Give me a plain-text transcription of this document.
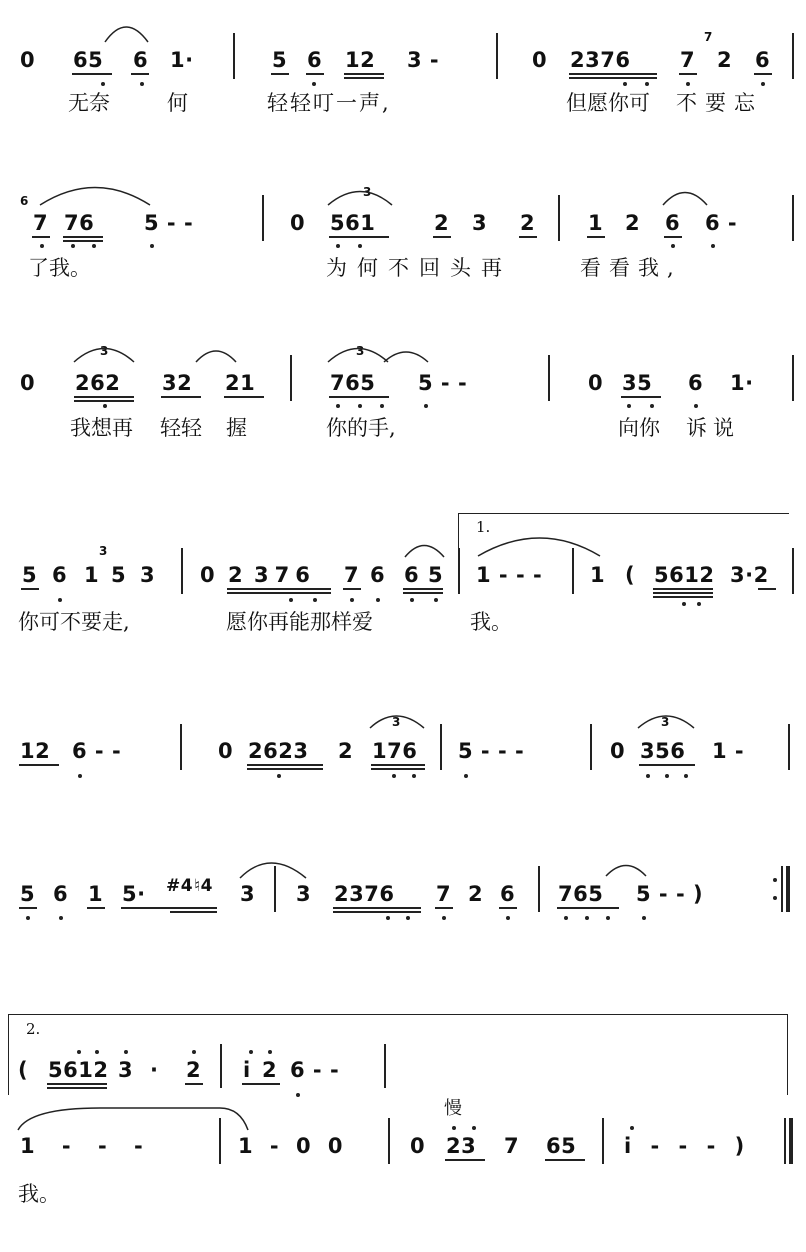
0 65 6 1·	5 6 12 3 -	0 2376 7
7
2 6
无奈	何	轻轻叮一声,	但愿你可 不要忘
6
7 76 5 - -	0
3
561	2 3 2	1 2 6 6 -
了我。	为何不回头再	看看我,
0
3
262 32 21
3
765 5 - -	0 35 6 1·
我想再 轻轻 握	你的手,	向你 诉说
5 6 1
3
5 3 0 2 376 7 6 6 5
1.
1 - - - 1 ( 5612 3·2
你可不要走,	愿你再能那样爱	我。
12 6 - -	0 2623 2
3
176 5 - - -	0
3
356 1 -
5 6 1 5· #4 ♮4 3 3 2376 7 2 6 765 5 - - )
2.
( 5612 3 · 2 i 2 6 - -
慢
1 - - -	1 - 0 0	0 23 7 65 i - - - )
我。
